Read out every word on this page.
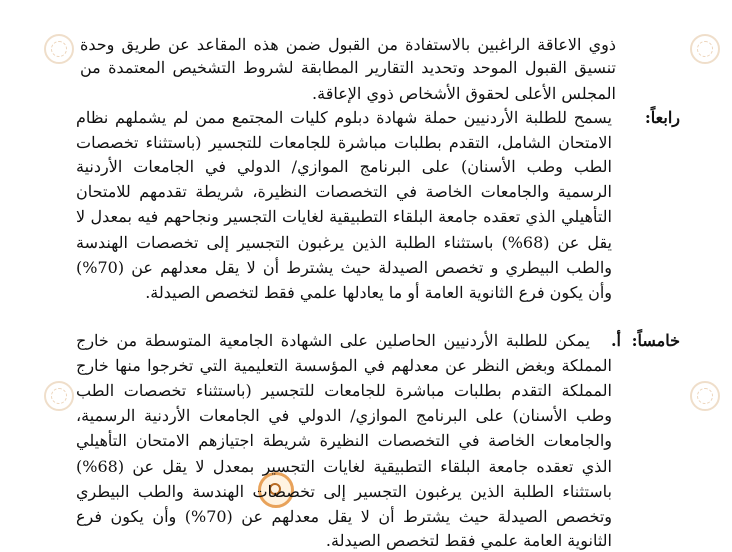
ذوي الاعاقة الراغبين بالاستفادة من القبول ضمن هذه المقاعد عن طريق وحدة
تنسيق القبول الموحد وتحديد التقارير المطابقة لشروط التشخيص المعتمدة من
المجلس الأعلى لحقوق الأشخاص ذوي الإعاقة.
رابعاً:
يسمح للطلبة الأردنيين حملة شهادة دبلوم كليات المجتمع ممن لم يشملهم نظام
الامتحان الشامل، التقدم بطلبات مباشرة للجامعات للتجسير (باستثناء تخصصات
الطب وطب الأسنان) على البرنامج الموازي/ الدولي في الجامعات الأردنية
الرسمية والجامعات الخاصة في التخصصات النظيرة، شريطة تقدمهم للامتحان
التأهيلي الذي تعقده جامعة البلقاء التطبيقية لغايات التجسير ونجاحهم فيه بمعدل لا
يقل عن (68%) باستثناء الطلبة الذين يرغبون التجسير إلى تخصصات الهندسة
والطب البيطري و تخصص الصيدلة حيث يشترط أن لا يقل معدلهم عن (70%)
وأن يكون فرع الثانوية العامة أو ما يعادلها علمي فقط لتخصص الصيدلة.
خامساً:
أ.
يمكن للطلبة الأردنيين الحاصلين على الشهادة الجامعية المتوسطة من خارج
المملكة وبغض النظر عن معدلهم في المؤسسة التعليمية التي تخرجوا منها خارج
المملكة التقدم بطلبات مباشرة للجامعات للتجسير (باستثناء تخصصات الطب
وطب الأسنان) على البرنامج الموازي/ الدولي في الجامعات الأردنية الرسمية،
والجامعات الخاصة في التخصصات النظيرة شريطة اجتيازهم الامتحان التأهيلي
الذي تعقده جامعة البلقاء التطبيقية لغايات التجسير بمعدل لا يقل عن (68%)
باستثناء الطلبة الذين يرغبون التجسير إلى تخصصات الهندسة والطب البيطري
وتخصص الصيدلة حيث يشترط أن لا يقل معدلهم عن (70%) وأن يكون فرع
الثانوية العامة علمي فقط لتخصص الصيدلة.
